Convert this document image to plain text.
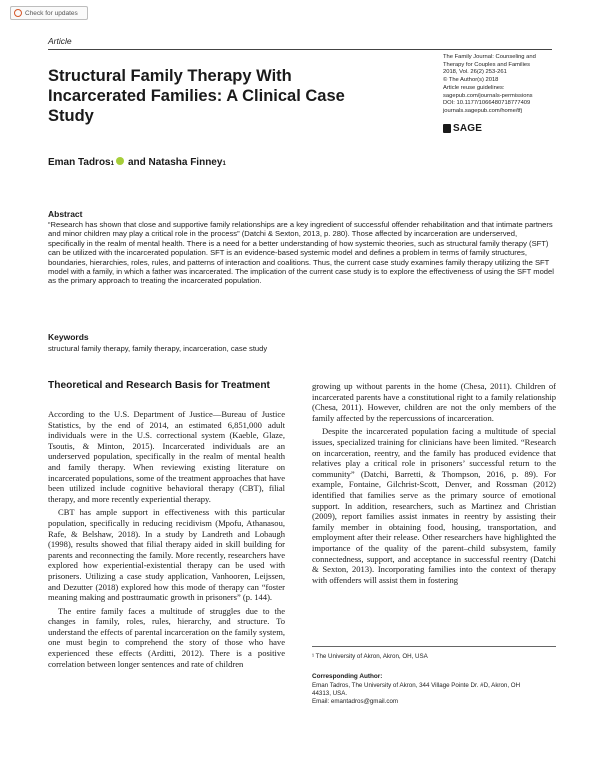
Check for updates
Article
Structural Family Therapy With Incarcerated Families: A Clinical Case Study
The Family Journal: Counseling and
Therapy for Couples and Families
2018, Vol. 26(2) 253-261
© The Author(s) 2018
Article reuse guidelines:
sagepub.com/journals-permissions
DOI: 10.1177/1066480718777409
journals.sagepub.com/home/tfj
SAGE
Eman Tadros 1 and
Natasha Finney 1
Abstract

“Research has shown that close and supportive family relationships are a key ingredient of successful offender rehabilitation and that intimate partners and minor children may play a critical role in the process” (Datchi & Sexton, 2013, p. 280). Those affected by incarceration are underserved, specifically in the realm of mental health. There is a need for a better understanding of how systemic theories, such as structural family therapy (SFT) can be utilized with the incarcerated population. SFT is an evidence-based systemic model and defines a problem in terms of family structures, boundaries, hierarchies, roles, rules, and patterns of interaction and coalitions. Thus, the current case study examines family therapy utilizing the SFT model with a family, in which a father was incarcerated. The implication of the current case study is to explore the effectiveness of using the SFT model as the primary approach to treating the incarcerated population.

Keywords
structural family therapy, family therapy, incarceration, case study
Theoretical and Research Basis for Treatment

According to the U.S. Department of Justice—Bureau of Justice Statistics, by the end of 2014, an estimated 6,851,000 adult individuals were in the U.S. correctional system (Kaeble, Glaze, Tsoutis, & Minton, 2015). Incarcerated individuals are an underserved population, specifically in the realm of mental health and family therapy. When reviewing existing literature on incarcerated populations, some of the treatment approaches that have been utilized include cognitive behavioral therapy (CBT), filial therapy, and more recently experiential therapy.

CBT has ample support in effectiveness with this particular population, specifically in reducing recidivism (Mpofu, Athanasou, Rafe, & Belshaw, 2018). In a study by Landreth and Lobaugh (1998), results showed that filial therapy aided in skill building for parents and reconnecting the family. More recently, researchers have explored how experiential-existential therapy can be used with prisoners. Utilizing a case study application, Vanhooren, Leijssen, and Dezutter (2018) explored how this mode of therapy can “foster meaning making and posttraumatic growth in prisoners” (p. 144).

The entire family faces a multitude of struggles due to the changes in family, roles, rules, hierarchy, and structure. To understand the effects of parental incarceration on the family system, one must begin to comprehend the story of those who have experienced these effects (Arditti, 2012). There is a positive correlation between longer sentences and rate of children

growing up without parents in the home (Chesa, 2011). Children of incarcerated parents have a constitutional right to a family relationship (Chesa, 2011). However, children are not the only members of the family affected by the repercussions of incarceration.

Despite the incarcerated population facing a multitude of special issues, specialized training for clinicians have been limited. “Research on incarceration, reentry, and the family has produced evidence that relatives play a critical role in prisoners’ successful return to the community” (Datchi, Barretti, & Thompson, 2016, p. 89). For example, Fontaine, Gilchrist-Scott, Denver, and Rossman (2012) identified that families serve as the primary source of emotional support. In addition, researchers, such as Martinez and Christian (2009), report families assist inmates in reentry by assisting their family member in obtaining food, housing, transportation, and employment after their release. Other researchers have highlighted the importance of the quality of the parent–child subsystem, family connectedness, support, and acceptance in successful reentry (Datchi & Sexton, 2013). Incorporating families into the context of therapy with offenders will assist them in fostering

¹ The University of Akron, Akron, OH, USA
Corresponding Author:
Eman Tadros, The University of Akron, 344 Village Pointe Dr. #D, Akron, OH
44313, USA.
Email: emantadros@gmail.com
